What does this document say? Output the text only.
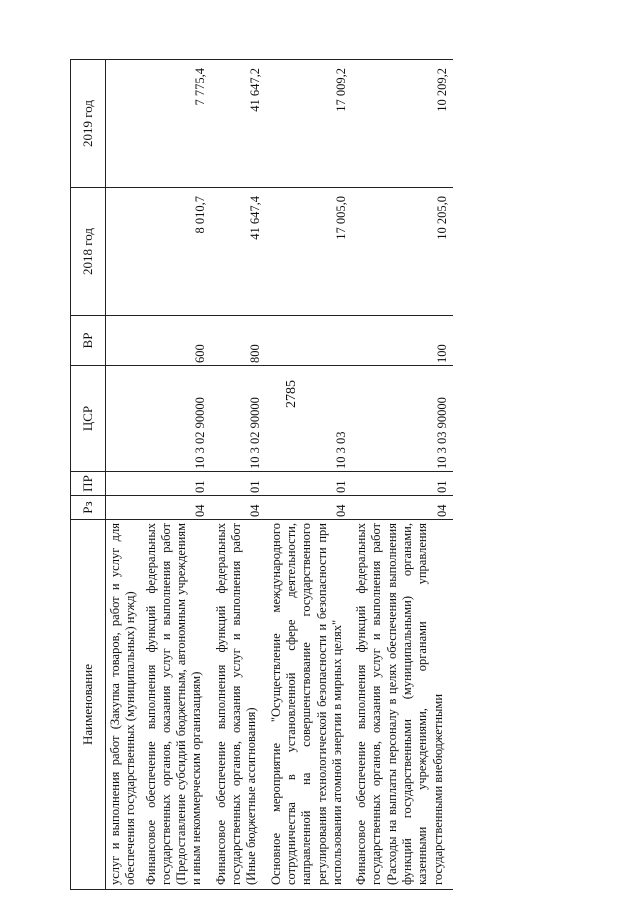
2785
Наименование	Рз	ПР	ЦСР	ВР	2018 год	2019 год
услуг и выполнения работ (Закупка товаров, работ и услуг для обеспечения государственных (муниципальных) нужд)						
Финансовое обеспечение выполнения функций федеральных государственных органов, оказания услуг и выполнения работ (Предоставление субсидий бюджетным, автономным учреждениям и иным некоммерческим организациям)	04	01	10 3 02 90000	600	8 010,7	7 775,4
Финансовое обеспечение выполнения функций федеральных государственных органов, оказания услуг и выполнения работ (Иные бюджетные ассигнования)	04	01	10 3 02 90000	800	41 647,4	41 647,2
Основное мероприятие "Осуществление международного сотрудничества в установленной сфере деятельности, направленной на совершенствование государственного регулирования технологической безопасности и безопасности при использовании атомной энергии в мирных целях"	04	01	10 3 03		17 005,0	17 009,2
Финансовое обеспечение выполнения функций федеральных государственных органов, оказания услуг и выполнения работ (Расходы на выплаты персоналу в целях обеспечения выполнения функций государственными (муниципальными) органами, казенными учреждениями, органами управления государственными внебюджетными	04	01	10 3 03 90000	100	10 205,0	10 209,2
